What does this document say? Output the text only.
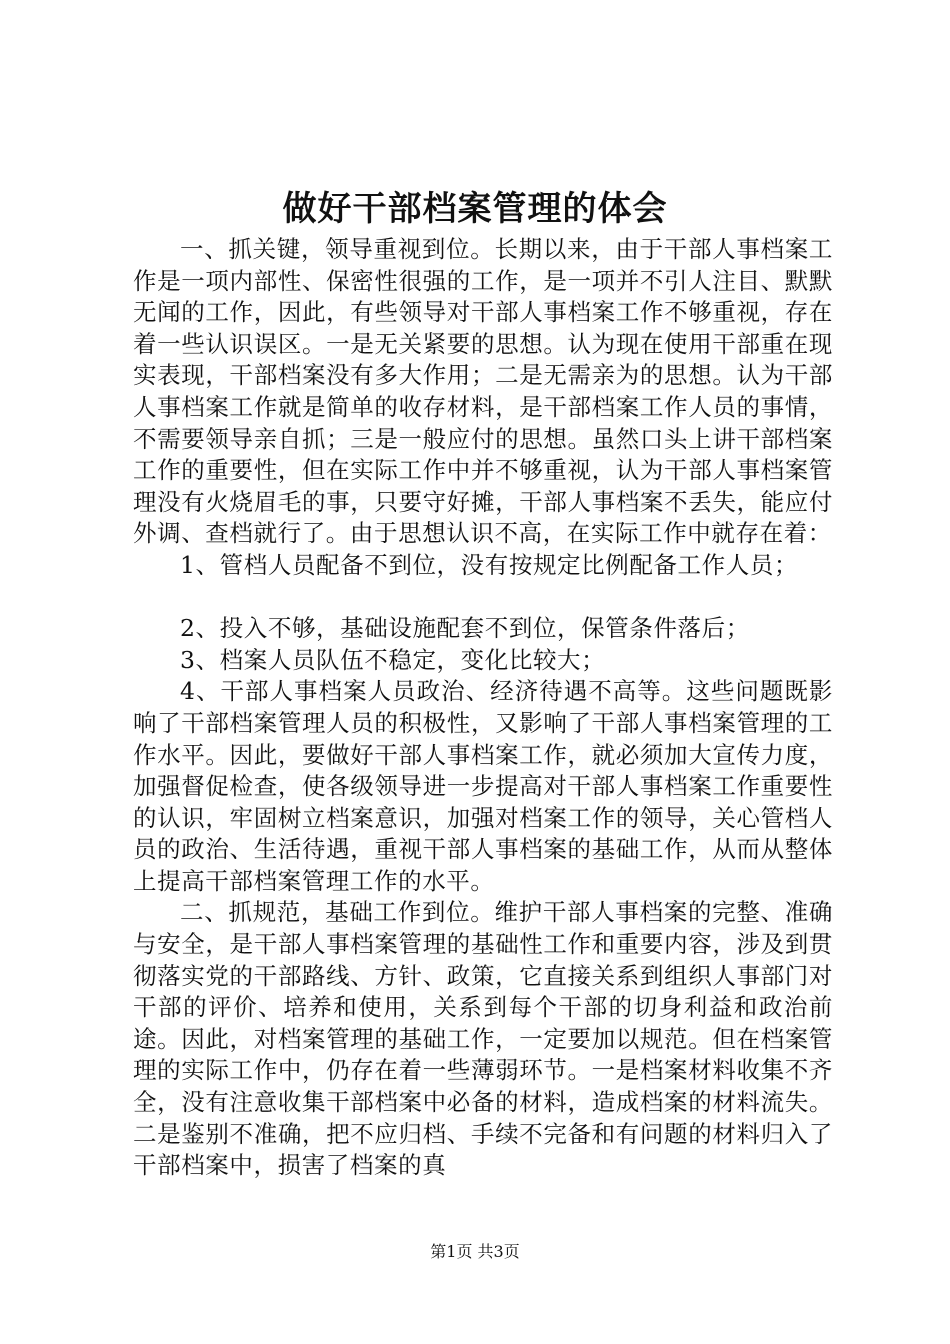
做好干部档案管理的体会

一、抓关键，领导重视到位。长期以来，由于干部人事档案工作是一项内部性、保密性很强的工作，是一项并不引人注目、默默无闻的工作，因此，有些领导对干部人事档案工作不够重视，存在着一些认识误区。一是无关紧要的思想。认为现在使用干部重在现实表现，干部档案没有多大作用；二是无需亲为的思想。认为干部人事档案工作就是简单的收存材料，是干部档案工作人员的事情，不需要领导亲自抓；三是一般应付的思想。虽然口头上讲干部档案工作的重要性，但在实际工作中并不够重视，认为干部人事档案管理没有火烧眉毛的事，只要守好摊，干部人事档案不丢失，能应付外调、查档就行了。由于思想认识不高，在实际工作中就存在着：

1、管档人员配备不到位，没有按规定比例配备工作人员；

2、投入不够，基础设施配套不到位，保管条件落后；

3、档案人员队伍不稳定，变化比较大；

4、干部人事档案人员政治、经济待遇不高等。这些问题既影响了干部档案管理人员的积极性，又影响了干部人事档案管理的工作水平。因此，要做好干部人事档案工作，就必须加大宣传力度，加强督促检查，使各级领导进一步提高对干部人事档案工作重要性的认识，牢固树立档案意识，加强对档案工作的领导，关心管档人员的政治、生活待遇，重视干部人事档案的基础工作，从而从整体上提高干部档案管理工作的水平。

二、抓规范，基础工作到位。维护干部人事档案的完整、准确与安全，是干部人事档案管理的基础性工作和重要内容，涉及到贯彻落实党的干部路线、方针、政策，它直接关系到组织人事部门对干部的评价、培养和使用，关系到每个干部的切身利益和政治前途。因此，对档案管理的基础工作，一定要加以规范。但在档案管理的实际工作中，仍存在着一些薄弱环节。一是档案材料收集不齐全，没有注意收集干部档案中必备的材料，造成档案的材料流失。二是鉴别不准确，把不应归档、手续不完备和有问题的材料归入了干部档案中，损害了档案的真

第1页 共3页
